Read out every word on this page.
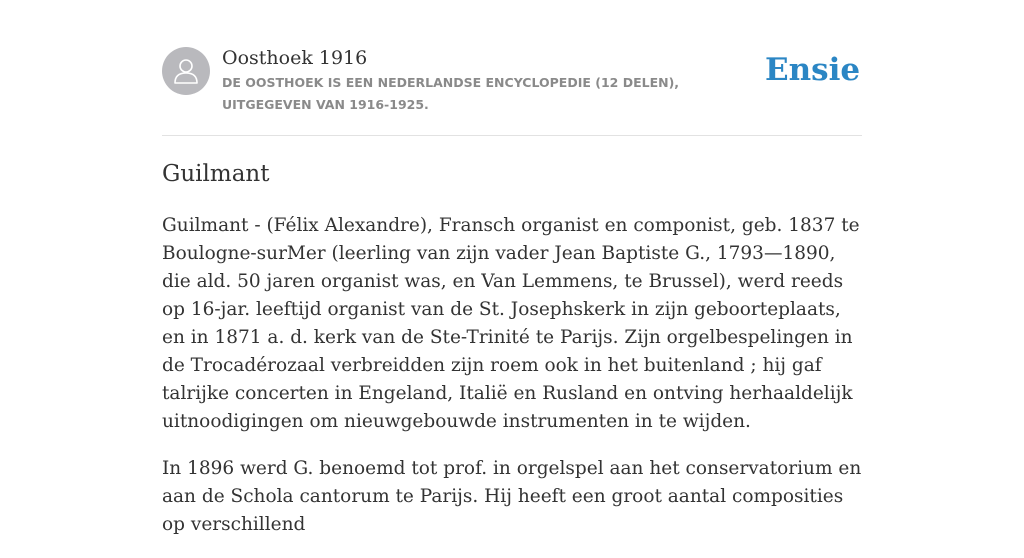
Oosthoek 1916
DE OOSTHOEK IS EEN NEDERLANDSE ENCYCLOPEDIE (12 DELEN), UITGEGEVEN VAN 1916-1925.
Ensie
Guilmant

Guilmant - (Félix Alexandre), Fransch organist en componist, geb. 1837 te Boulogne-surMer (leerling van zijn vader Jean Baptiste G., 1793—1890, die ald. 50 jaren organist was, en Van Lemmens, te Brussel), werd reeds op 16-jar. leeftijd organist van de St. Josephskerk in zijn geboorteplaats, en in 1871 a. d. kerk van de Ste-Trinité te Parijs. Zijn orgelbespelingen in de Trocadérozaal verbreidden zijn roem ook in het buitenland ; hij gaf talrijke concerten in Engeland, Italië en Rusland en ontving herhaaldelijk uitnoodigingen om nieuwgebouwde instrumenten in te wijden.

In 1896 werd G. benoemd tot prof. in orgelspel aan het conservatorium en aan de Schola cantorum te Parijs. Hij heeft een groot aantal composities op verschillend
